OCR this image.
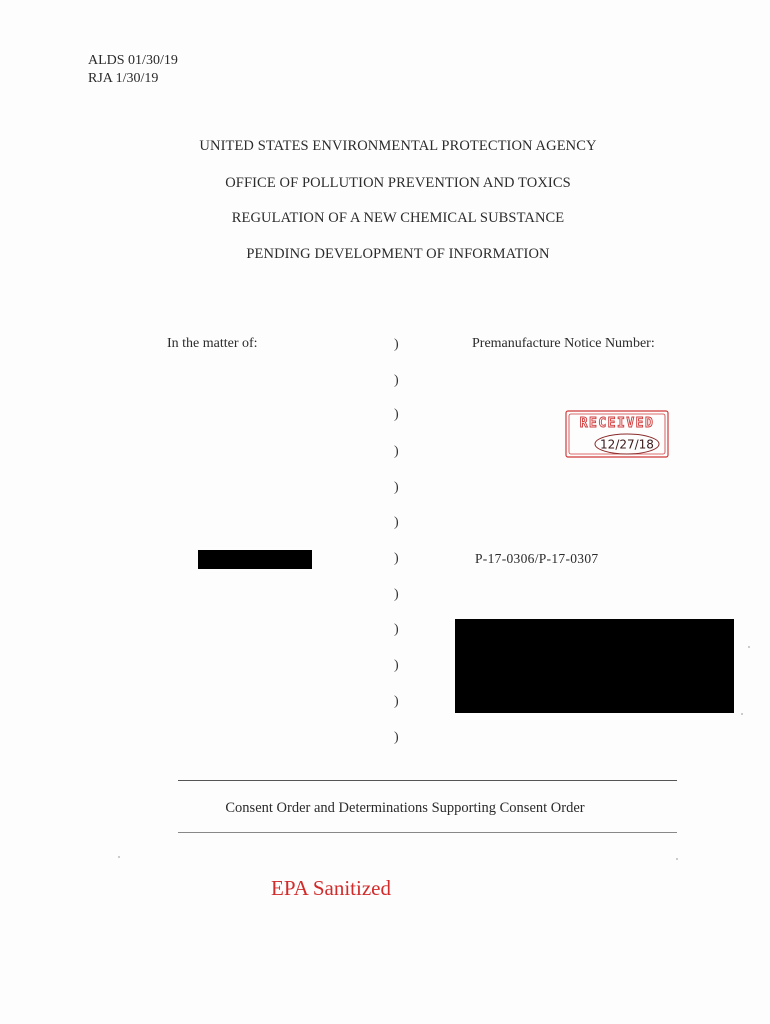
ALDS 01/30/19
RJA 1/30/19
UNITED STATES ENVIRONMENTAL PROTECTION AGENCY
OFFICE OF POLLUTION PREVENTION AND TOXICS
REGULATION OF A NEW CHEMICAL SUBSTANCE
PENDING DEVELOPMENT OF INFORMATION
In the matter of:	Premanufacture Notice Number:
)
)
)
)
)
)
)
)
)
)
)
)
RECEIVED
12/27/18
P-17-0306/P-17-0307
Consent Order and Determinations Supporting Consent Order
EPA Sanitized
